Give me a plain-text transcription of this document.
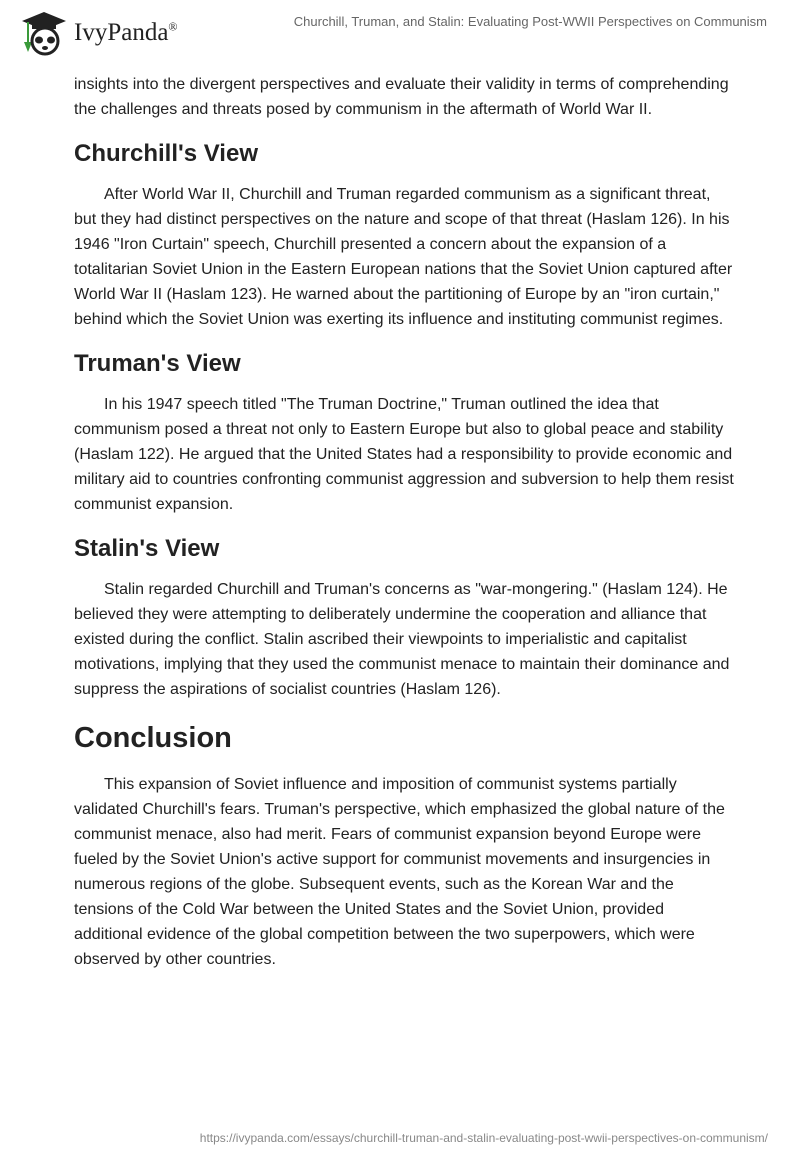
IvyPanda®	Churchill, Truman, and Stalin: Evaluating Post-WWII Perspectives on Communism

insights into the divergent perspectives and evaluate their validity in terms of comprehending the challenges and threats posed by communism in the aftermath of World War II.

Churchill's View

After World War II, Churchill and Truman regarded communism as a significant threat, but they had distinct perspectives on the nature and scope of that threat (Haslam 126). In his 1946 "Iron Curtain" speech, Churchill presented a concern about the expansion of a totalitarian Soviet Union in the Eastern European nations that the Soviet Union captured after World War II (Haslam 123). He warned about the partitioning of Europe by an "iron curtain," behind which the Soviet Union was exerting its influence and instituting communist regimes.

Truman's View

In his 1947 speech titled "The Truman Doctrine," Truman outlined the idea that communism posed a threat not only to Eastern Europe but also to global peace and stability (Haslam 122). He argued that the United States had a responsibility to provide economic and military aid to countries confronting communist aggression and subversion to help them resist communist expansion.

Stalin's View

Stalin regarded Churchill and Truman's concerns as "war-mongering." (Haslam 124). He believed they were attempting to deliberately undermine the cooperation and alliance that existed during the conflict. Stalin ascribed their viewpoints to imperialistic and capitalist motivations, implying that they used the communist menace to maintain their dominance and suppress the aspirations of socialist countries (Haslam 126).

Conclusion

This expansion of Soviet influence and imposition of communist systems partially validated Churchill's fears. Truman's perspective, which emphasized the global nature of the communist menace, also had merit. Fears of communist expansion beyond Europe were fueled by the Soviet Union's active support for communist movements and insurgencies in numerous regions of the globe. Subsequent events, such as the Korean War and the tensions of the Cold War between the United States and the Soviet Union, provided additional evidence of the global competition between the two superpowers, which were observed by other countries.

https://ivypanda.com/essays/churchill-truman-and-stalin-evaluating-post-wwii-perspectives-on-communism/
